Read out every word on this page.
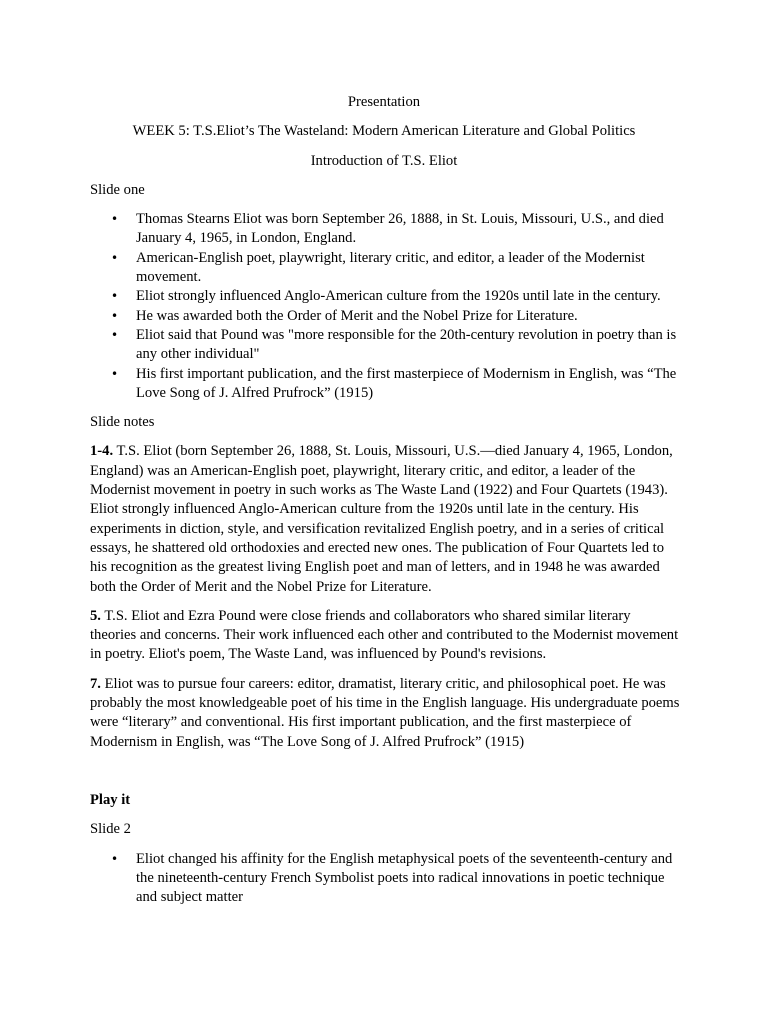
Presentation

WEEK 5: T.S.Eliot’s The Wasteland: Modern American Literature and Global Politics

Introduction of T.S. Eliot

Slide one

• Thomas Stearns Eliot was born September 26, 1888, in St. Louis, Missouri, U.S., and died January 4, 1965, in London, England.
• American-English poet, playwright, literary critic, and editor, a leader of the Modernist movement.
• Eliot strongly influenced Anglo-American culture from the 1920s until late in the century.
• He was awarded both the Order of Merit and the Nobel Prize for Literature.
• Eliot said that Pound was "more responsible for the 20th-century revolution in poetry than is any other individual"
• His first important publication, and the first masterpiece of Modernism in English, was “The Love Song of J. Alfred Prufrock” (1915)

Slide notes

1-4. T.S. Eliot (born September 26, 1888, St. Louis, Missouri, U.S.—died January 4, 1965, London, England) was an American-English poet, playwright, literary critic, and editor, a leader of the Modernist movement in poetry in such works as The Waste Land (1922) and Four Quartets (1943). Eliot strongly influenced Anglo-American culture from the 1920s until late in the century. His experiments in diction, style, and versification revitalized English poetry, and in a series of critical essays, he shattered old orthodoxies and erected new ones. The publication of Four Quartets led to his recognition as the greatest living English poet and man of letters, and in 1948 he was awarded both the Order of Merit and the Nobel Prize for Literature.

5. T.S. Eliot and Ezra Pound were close friends and collaborators who shared similar literary theories and concerns. Their work influenced each other and contributed to the Modernist movement in poetry. Eliot's poem, The Waste Land, was influenced by Pound's revisions.

7. Eliot was to pursue four careers: editor, dramatist, literary critic, and philosophical poet. He was probably the most knowledgeable poet of his time in the English language. His undergraduate poems were “literary” and conventional. His first important publication, and the first masterpiece of Modernism in English, was “The Love Song of J. Alfred Prufrock” (1915)

Play it

Slide 2

• Eliot changed his affinity for the English metaphysical poets of the seventeenth-century and the nineteenth-century French Symbolist poets into radical innovations in poetic technique and subject matter
